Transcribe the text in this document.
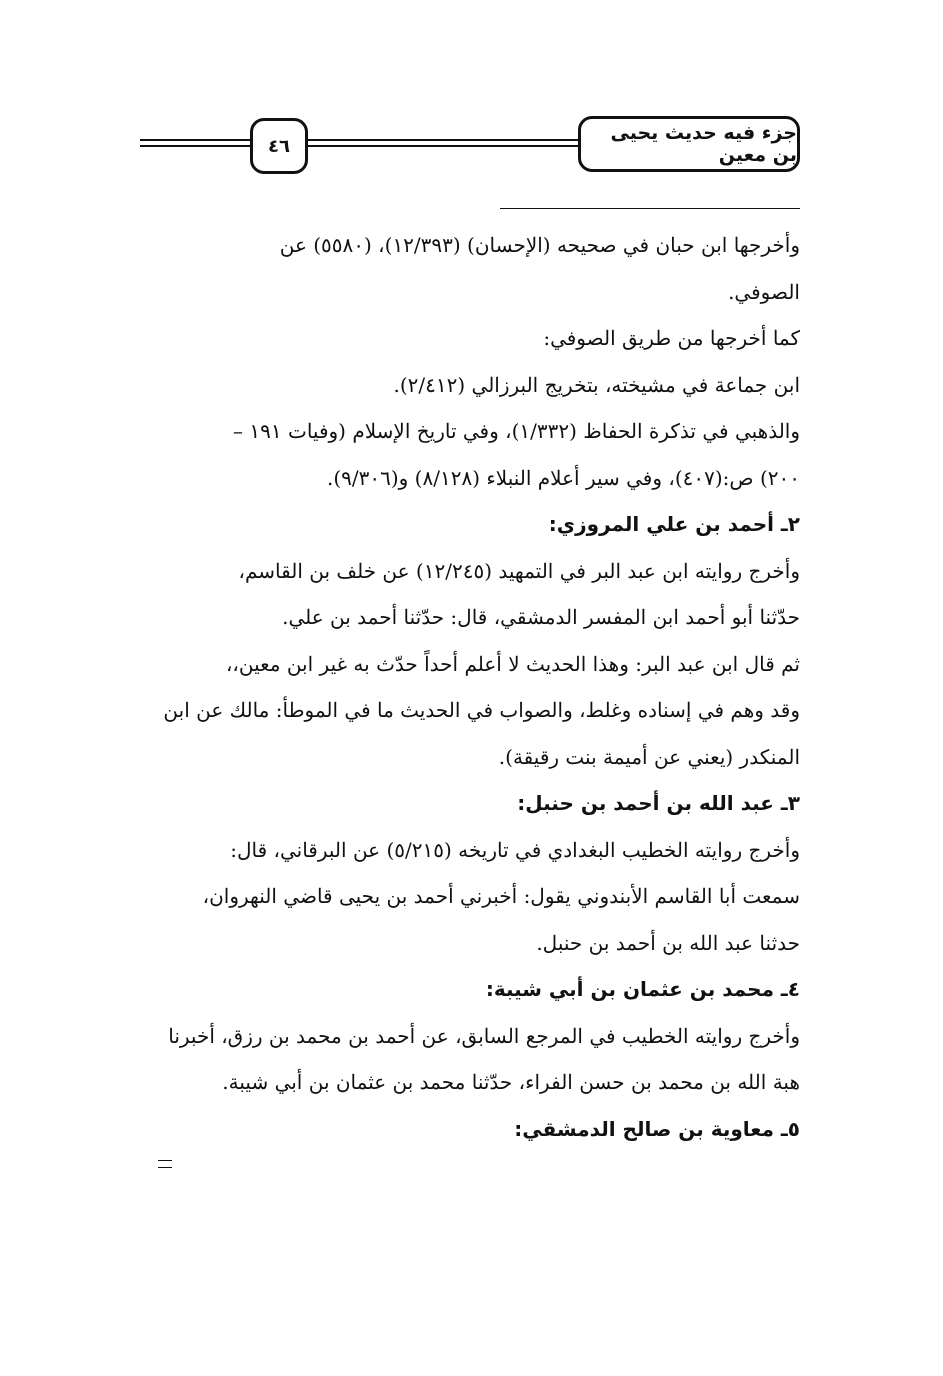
٤٦
جزء فيه حديث يحيى بن معين
وأخرجها ابن حبان في صحيحه (الإحسان) (١٢/٣٩٣)، (٥٥٨٠) عن
الصوفي.
كما أخرجها من طريق الصوفي:
ابن جماعة في مشيخته، بتخريج البرزالي (٢/٤١٢).
والذهبي في تذكرة الحفاظ (١/٣٣٢)، وفي تاريخ الإسلام (وفيات ١٩١ –
٢٠٠) ص:(٤٠٧)، وفي سير أعلام النبلاء (٨/١٢٨) و(٩/٣٠٦).
٢ـ أحمد بن علي المروزي:
وأخرج روايته ابن عبد البر في التمهيد (١٢/٢٤٥) عن خلف بن القاسم،
حدّثنا أبو أحمد ابن المفسر الدمشقي، قال: حدّثنا أحمد بن علي.
ثم قال ابن عبد البر: وهذا الحديث لا أعلم أحداً حدّث به غير ابن معين،،
وقد وهم في إسناده وغلط، والصواب في الحديث ما في الموطأ: مالك عن ابن
المنكدر (يعني عن أميمة بنت رقيقة).
٣ـ عبد الله بن أحمد بن حنبل:
وأخرج روايته الخطيب البغدادي في تاريخه (٥/٢١٥) عن البرقاني، قال:
سمعت أبا القاسم الأبندوني يقول: أخبرني أحمد بن يحيى قاضي النهروان،
حدثنا عبد الله بن أحمد بن حنبل.
٤ـ محمد بن عثمان بن أبي شيبة:
وأخرج روايته الخطيب في المرجع السابق، عن أحمد بن محمد بن رزق، أخبرنا
هبة الله بن محمد بن حسن الفراء، حدّثنا محمد بن عثمان بن أبي شيبة.
٥ـ معاوية بن صالح الدمشقي:
